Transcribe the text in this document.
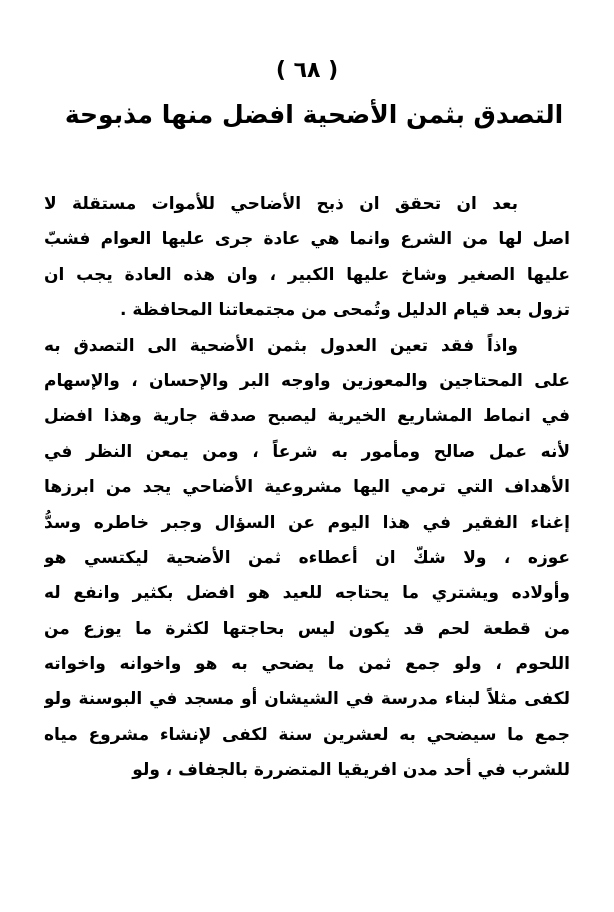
( ٦٨ )
التصدق بثمن الأضحية افضل منها مذبوحة
بعد ان تحقق ان ذبح الأضاحي للأموات مستقلة لا
اصل لها من الشرع وانما هي عادة جرى عليها العوام فشبّ
عليها الصغير وشاخ عليها الكبير ، وان هذه العادة يجب ان
تزول بعد قيام الدليل وتُمحى من مجتمعاتنا المحافظة .
واذاً فقد تعين العدول بثمن الأضحية الى التصدق به
على المحتاجين والمعوزين واوجه البر والإحسان ، والإسهام
في انماط المشاريع الخيرية ليصبح صدقة جارية وهذا افضل
لأنه عمل صالح ومأمور به شرعاً ، ومن يمعن النظر في
الأهداف التي ترمي اليها مشروعية الأضاحي يجد من ابرزها
إغناء الفقير في هذا اليوم عن السؤال وجبر خاطره وسدُّ
عوزه ، ولا شكّ ان أعطاءه ثمن الأضحية ليكتسي هو
وأولاده ويشتري ما يحتاجه للعيد هو افضل بكثير وانفع له
من قطعة لحم قد يكون ليس بحاجتها لكثرة ما يوزع من
اللحوم ، ولو جمع ثمن ما يضحي به هو واخوانه واخواته
لكفى مثلاً لبناء مدرسة في الشيشان أو مسجد في البوسنة ولو
جمع ما سيضحي به لعشرين سنة لكفى لإنشاء مشروع مياه
للشرب في أحد مدن افريقيا المتضررة بالجفاف ، ولو
